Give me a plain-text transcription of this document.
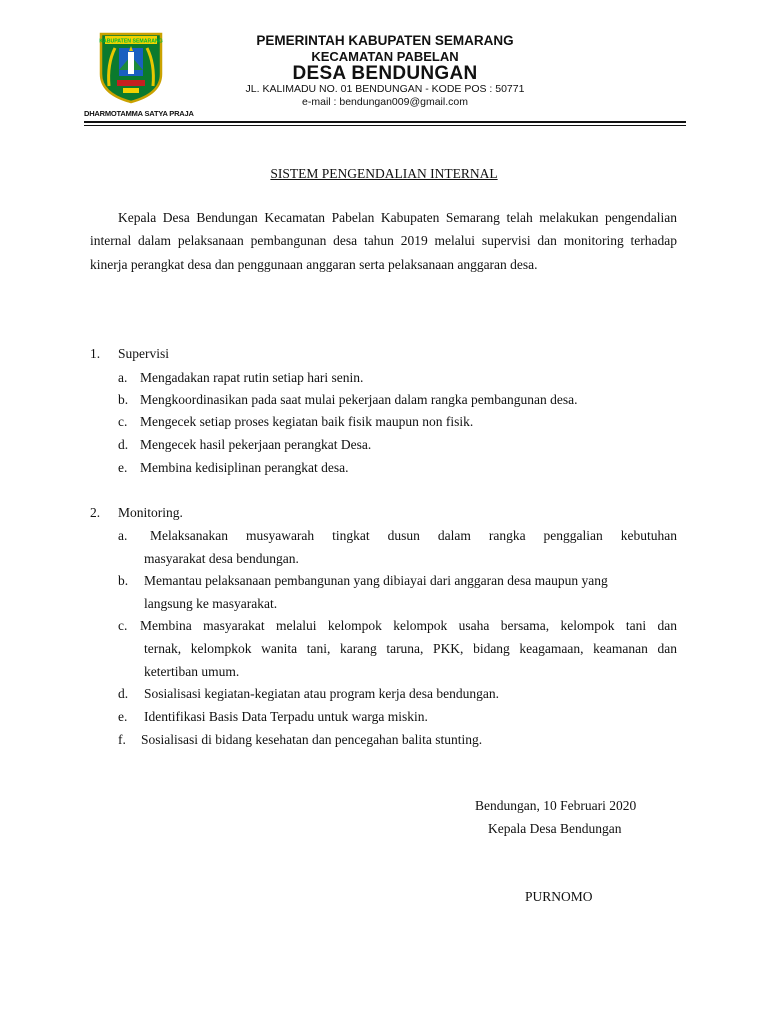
KABUPATEN SEMARANG
DHARMOTAMMA SATYA PRAJA
PEMERINTAH KABUPATEN SEMARANG
KECAMATAN PABELAN
DESA BENDUNGAN
JL. KALIMADU NO. 01 BENDUNGAN - KODE POS : 50771
e-mail : bendungan009@gmail.com
SISTEM PENGENDALIAN INTERNAL
Kepala Desa Bendungan Kecamatan Pabelan Kabupaten Semarang telah melakukan pengendalian internal dalam pelaksanaan pembangunan desa tahun 2019 melalui supervisi dan monitoring terhadap kinerja perangkat desa dan penggunaan anggaran serta pelaksanaan anggaran desa.
1. Supervisi
a. Mengadakan rapat rutin setiap hari senin.
b. Mengkoordinasikan pada saat mulai pekerjaan dalam rangka pembangunan desa.
c. Mengecek setiap proses kegiatan baik fisik maupun non fisik.
d. Mengecek hasil pekerjaan perangkat Desa.
e. Membina kedisiplinan perangkat desa.
2. Monitoring.
a. Melaksanakan musyawarah tingkat dusun dalam rangka penggalian kebutuhan
masyarakat desa bendungan.
b. Memantau pelaksanaan pembangunan yang dibiayai dari anggaran desa maupun yang
langsung ke masyarakat.
c. Membina masyarakat melalui kelompok kelompok usaha bersama, kelompok tani dan
ternak, kelompkok wanita tani, karang taruna, PKK, bidang keagamaan, keamanan dan
ketertiban umum.
d. Sosialisasi kegiatan-kegiatan atau program kerja desa bendungan.
e. Identifikasi Basis Data Terpadu untuk warga miskin.
f. Sosialisasi di bidang kesehatan dan pencegahan balita stunting.
Bendungan, 10 Februari 2020
Kepala Desa Bendungan
PURNOMO
